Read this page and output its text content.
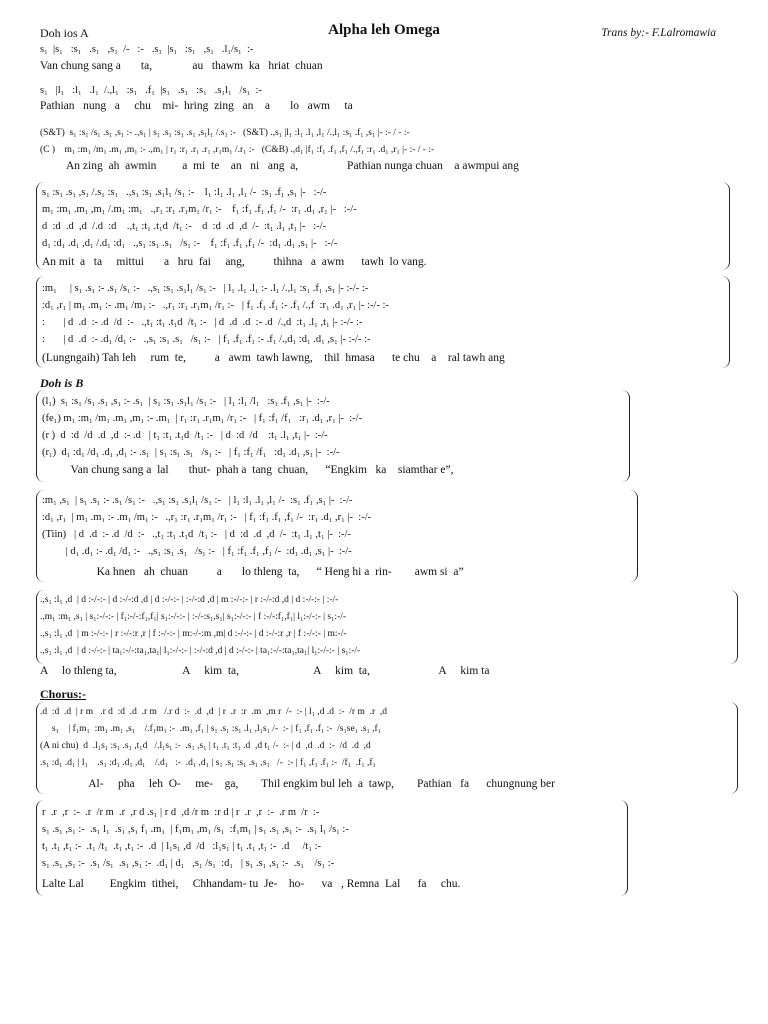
Doh ios A	Alpha leh Omega	Trans by:- F.Lalromawia
s₁  |s₁   :s₁   .s₁   ,s₁  /-   :-   .s₁  |s₁   :s₁   ,s₁   .l₁/s₁  :-
Van chung sang a       ta,              au   thawm  ka   hriat  chuan
s₁   |l₁   :l₁   .l₁  /.,l₁   :s₁   .f₁  |s₁   .s₁   :s₁   .s₁l₁   /s₁  :-
Pathian   nung   a     chu    mi-  hring  zing   an    a       lo   awm     ta
(S&T)  s₁ :s₁ /s₁ .s₁ ,s₁ :- .,s₁ | s₁ .s₁ :s₁ .s₁ ,s₁l₁ /.s₁ :-   (S&T) .,s₁ |l₁ :l₁ .l₁ ,l₁ /.,l₁ :s₁ .f₁ ,s₁ |- :- / - :-
(C )    m₁ :m₁ /m₁ .m₁ ,m₁ :- .,m₁ | r₁ :r₁ .r₁ .r₁ ,r₁m₁ /.r₁ :-   (C&B) .,d₁ |f₁ :f₁ .f₁ ,f₁ /.,f₁ :r₁ .d₁ ,r₁ |- :- / - :-
An zing  ah  awmin         a  mi  te    an   ni   ang  a,                 Pathian nunga chuan    a awmpui ang
s₁ :s₁ .s₁ ,s₁ /.s₁ :s₁   .,s₁ :s₁ .s₁l₁ /s₁ :-    l₁ :l₁ .l₁ ,l₁ /-  :s₁ .f₁ ,s₁ |-   :-/-
m₁ :m₁ .m₁ ,m₁ /.m₁ :m₁   .,r₁ :r₁ .r₁m₁ /r₁ :-    f₁ :f₁ .f₁ ,f₁ /-  :r₁ .d₁ ,r₁ |-   :-/-
d  :d  .d  ,d  /.d  :d    .,t₁ :t₁ .t₁d  /t₁ :-    d  :d  .d  ,d  /-  :t₁ .l₁ ,t₁ |-   :-/-
d₁ :d₁ .d₁ ,d₁ /.d₁ :d₁   .,s₁ :s₁ .s₁   /s₁ :-    f₁ :f₁ .f₁ ,f₁ /-  :d₁ .d₁ ,s₁ |-   :-/-
An mit  a   ta     mittui       a   hru  fai     ang,          thihna   a  awm      tawh  lo vang.
:m₁     | s₁ .s₁ :- .s₁ /s₁ :-   .,s₁ :s₁ .s₁l₁ /s₁ :-   | l₁ .l₁ .l₁ :- .l₁ /.,l₁ :s₁ .f₁ ,s₁ |- :-/- :-
:d₁ ,r₁ | m₁ .m₁ :- .m₁ /m₁ :-   .,r₁ :r₁ .r₁m₁ /r₁ :-   | f₁ .f₁ .f₁ :- .f₁ /.,f  :r₁ .d₁ ,r₁ |- :-/- :-
:       | d  .d  :- .d  /d  :-   .,t₁ :t₁ .t₁d  /t₁ :-   | d  .d  .d  :- .d  /.,d  :t₁ .l₁ ,t₁ |- :-/- :-
:       | d  .d  :- .d₁ /d₁ :-   .,s₁ :s₁ .s₁   /s₁ :-   | f₁ .f₁ .f₁ :- .f₁ /.,d₁ :d₁ .d₁ ,s₁ |- :-/- :-
(Lungngaih) Tah leh     rum  te,          a   awm  tawh lawng,    thil  hmasa      te chu    a    ral tawh ang
Doh is B
(l₁)  s₁ :s₁ /s₁ .s₁ ,s₁ :- .s₁  | s₁ :s₁ .s₁l₁ /s₁ :-   | l₁ :l₁ /l₁   :s₁ .f₁ ,s₁ |-  :-/-
(fe₁) m₁ :m₁ /m₁ .m₁ ,m₁ :- .m₁  | r₁ :r₁ .r₁m₁ /r₁ :-   | f₁ :f₁ /f₁   :r₁ .d₁ ,r₁ |-  :-/-
(r )  d  :d  /d  .d  ,d  :- .d   | t₁ :t₁ .t₁d  /t₁ :-   | d  :d  /d    :t₁ .l₁ ,t₁ |-  :-/-
(r₁)  d₁ :d₁ /d₁ .d₁ ,d₁ :- .s₁  | s₁ :s₁ .s₁   /s₁ :-   | f₁ :f₁ /f₁   :d₁ .d₁ ,s₁ |-  :-/-
Van chung sang a  lal       thut-  phah a  tang  chuan,      “Engkim   ka    siamthar e”,
:m₁ ,s₁  | s₁ .s₁ :- .s₁ /s₁ :-   .,s₁ :s₁ .s₁l₁ /s₁ :-   | l₁ :l₁ .l₁ ,l₁ /-  :s₁ .f₁ ,s₁ |-  :-/-
:d₁ ,r₁  | m₁ .m₁ :- .m₁ /m₁ :-   .,r₁ :r₁ .r₁m₁ /r₁ :-   | f₁ :f₁ .f₁ ,f₁ /-  :r₁ .d₁ ,r₁ |-  :-/-
(Tiin)   | d  .d  :- .d  /d  :-   .,t₁ :t₁ .t₁d  /t₁ :-   | d  :d  .d  ,d  /-  :t₁ .l₁ ,t₁ |-  :-/-
| d₁ .d₁ :- .d₁ /d₁ :-   .,s₁ :s₁ .s₁   /s₁ :-   | f₁ :f₁ .f₁ ,f₁ /-  :d₁ .d₁ ,s₁ |-  :-/-
Ka hnen   ah  chuan          a       lo thleng  ta,      “ Heng hi a  rin-        awm si  a”
.,s₁ :l₁ ,d  | d :-/-:- | d :-/-:d ,d | d :-/-:- | :-/-:d ,d | m :-/-:- | r :-/-:d ,d | d :-/-:- | :-/-
.,m₁ :m₁ ,s₁ | s₁:-/-:- | f₁:-/-:f₁,f₁| s₁:-/-:- | :-/-:s₁,s₁| s₁:-/-:- | f :-/-:f₁,f₁| l₁:-/-:- | s₁:-/-
.,s₁ :l₁ ,d  | m :-/-:- | r :-/-:r ,r | f :-/-:- | m:-/-:m ,m| d :-/-:- | d :-/-:r ,r | f :-/-:- | m:-/-
.,s₁ :l₁ ,d  | d :-/-:- | ta₁:-/-:ta₁,ta₁| l₁:-/-:- | :-/-:d ,d | d :-/-:- | ta₁:-/-:ta₁,ta₁| l₁:-/-:- | s₁:-/-
A     lo thleng ta,                       A     kim  ta,                          A     kim  ta,                        A     kim ta
Chorus:-
.d  :d  .d  | r m   .r d  :d  .d  .r m   /.r d  :-  .d  ,d  | r  .r  :r  .m  ,m r  /-  :- | l₁ ,d .d  :-  /r m  .r  ,d
s₁    | f₁m₁  :m₁ .m₁ ,s₁    /.f₁m₁ :-  .m₁ ,f₁ | s₁ .s₁ :s₁ .l₁ ,l₁s₁ /-  :- | f₁ ,f₁ .f₁ :-  /s₁se₁ .s₁ ,f₁
(A ni chu)  d  .l₁s₁ :s₁ .s₁ ,t₁d   /.l₁s₁ :-  .s₁ ,s₁ | t₁ .t₁ :t₁ .d  ,d t₁ /-  :- | d  ,d  .d  :-  /d  .d  ,d
.s₁ :d₁ .d₁ | l₁    .s₁ :d₁ .d₁ ,d₁    /.d₁   :-  .d₁ ,d₁ | s₁ .s₁ :s₁ .s₁ ,s₁   /-  :- | f₁ ,f₁ .f₁ :-  /f₁  .f₁ ,f₁
Al-     pha     leh  O-     me-    ga,        Thil engkim bul leh  a  tawp,        Pathian   fa      chungnung ber
r  .r  ,r  :-  .r  /r m  .r  ,r d .s₁ | r d  ,d /r m  :r d | r  .r  ,r  :-  .r m  /r  :-
s₁ .s₁ ,s₁ :-  .s₁ l₁  .s₁ ,s₁ f₁ .m₁  | f₁m₁ ,m₁ /s₁  :f₁m₁ | s₁ .s₁ ,s₁ :-  .s₁ l₁ /s₁ :-
t₁ .t₁ ,t₁ :-  .t₁ /t₁  .t₁ ,t₁ :-  .d  | l₁s₁ ,d  /d   :l₁s₁ | t₁ .t₁ ,t₁ :-  .d     /t₁ :-
s₁ .s₁ ,s₁ :-  .s₁ /s₁  .s₁ ,s₁ :-  .d₁ | d₁   ,s₁ /s₁  :d₁   | s₁ .s₁ ,s₁ :-  .s₁    /s₁ :-
Lalte Lal         Engkim  tithei,     Chhandam- tu  Je-    ho-      va   , Remna  Lal      fa     chu.
